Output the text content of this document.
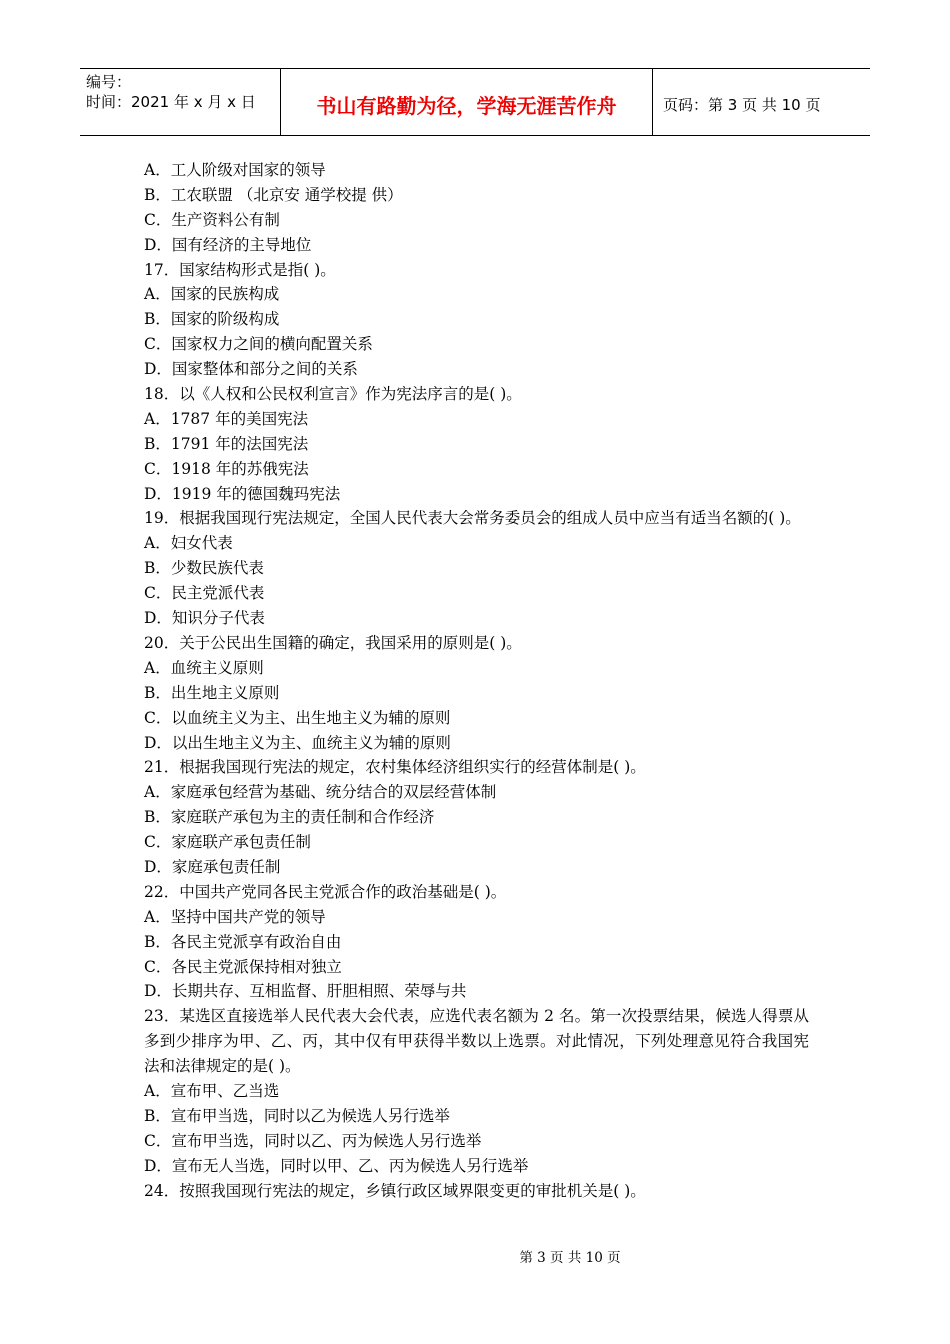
编号：
时间：2021 年 x 月 x 日	书山有路勤为径，学海无涯苦作舟	页码：第 3 页 共 10 页
A．工人阶级对国家的领导
B．工农联盟 （北京安 通学校提 供）
C．生产资料公有制
D．国有经济的主导地位
17．国家结构形式是指( )。
A．国家的民族构成
B．国家的阶级构成
C．国家权力之间的横向配置关系
D．国家整体和部分之间的关系
18．以《人权和公民权利宣言》作为宪法序言的是( )。
A．1787 年的美国宪法
B．1791 年的法国宪法
C．1918 年的苏俄宪法
D．1919 年的德国魏玛宪法
19．根据我国现行宪法规定，全国人民代表大会常务委员会的组成人员中应当有适当名额的( )。
A．妇女代表
B．少数民族代表
C．民主党派代表
D．知识分子代表
20．关于公民出生国籍的确定，我国采用的原则是( )。
A．血统主义原则
B．出生地主义原则
C．以血统主义为主、出生地主义为辅的原则
D．以出生地主义为主、血统主义为辅的原则
21．根据我国现行宪法的规定，农村集体经济组织实行的经营体制是( )。
A．家庭承包经营为基础、统分结合的双层经营体制
B．家庭联产承包为主的责任制和合作经济
C．家庭联产承包责任制
D．家庭承包责任制
22．中国共产党同各民主党派合作的政治基础是( )。
A．坚持中国共产党的领导
B．各民主党派享有政治自由
C．各民主党派保持相对独立
D．长期共存、互相监督、肝胆相照、荣辱与共
23．某选区直接选举人民代表大会代表，应选代表名额为 2 名。第一次投票结果，候选人得票从多到少排序为甲、乙、丙，其中仅有甲获得半数以上选票。对此情况，下列处理意见符合我国宪法和法律规定的是( )。
A．宣布甲、乙当选
B．宣布甲当选，同时以乙为候选人另行选举
C．宣布甲当选，同时以乙、丙为候选人另行选举
D．宣布无人当选，同时以甲、乙、丙为候选人另行选举
24．按照我国现行宪法的规定，乡镇行政区域界限变更的审批机关是( )。
第 3 页 共 10 页
